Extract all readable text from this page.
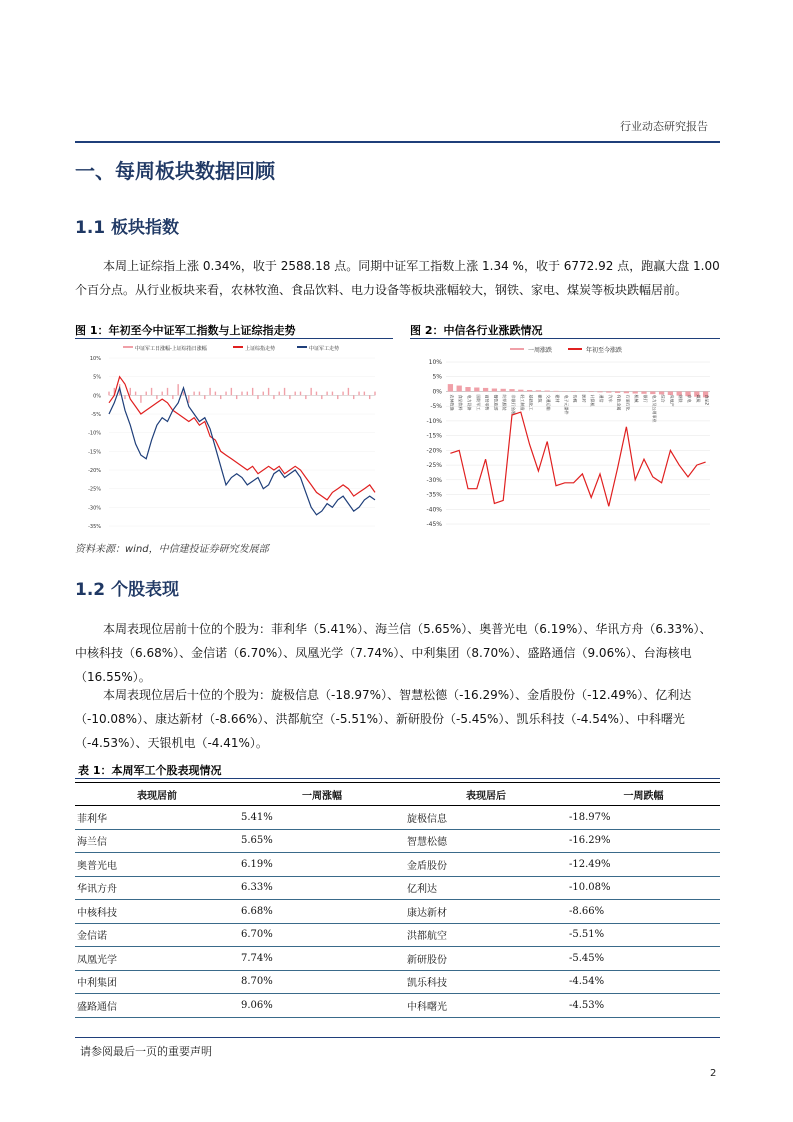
行业动态研究报告
一、每周板块数据回顾
1.1 板块指数

本周上证综指上涨 0.34%，收于 2588.18 点。同期中证军工指数上涨 1.34 %，收于 6772.92 点，跑赢大盘 1.00 个百分点。从行业板块来看，农林牧渔、食品饮料、电力设备等板块涨幅较大，钢铁、家电、煤炭等板块跌幅居前。

图 1：年初至今中证军工指数与上证综指走势	图 2：中信各行业涨跌情况
中证军工日涨幅-上证综指日涨幅	上证综指走势	中证军工走势
10%
5%
0%
-5%
-10%
-15%
-20%
-25%
-30%
-35%
一周涨跌	年初至今涨跌
10%
5%
0%
-5%
-10%
-15%
-20%
-25%
-30%
-35%
-40%
-45%
农林牧渔 食品饮料 电力设备 国防军工 商贸零售 餐饮旅游 纺织服装 非银行金融 轻工制造 基础化工 建筑 交通运输 建材 电子元器件 传媒 医药 计算机 通信 汽车 有色金属 石油石化 机械 银行 电力及公用事业 综合 房地产 钢铁 家电 煤炭 食品2
资料来源：wind，中信建投证券研究发展部
1.2 个股表现

本周表现位居前十位的个股为：菲利华（5.41%）、海兰信（5.65%）、奥普光电（6.19%）、华讯方舟（6.33%）、中核科技（6.68%）、金信诺（6.70%）、凤凰光学（7.74%）、中利集团（8.70%）、盛路通信（9.06%）、台海核电（16.55%）。

本周表现位居后十位的个股为：旋极信息（-18.97%）、智慧松德（-16.29%）、金盾股份（-12.49%）、亿利达（-10.08%）、康达新材（-8.66%）、洪都航空（-5.51%）、新研股份（-5.45%）、凯乐科技（-4.54%）、中科曙光（-4.53%）、天银机电（-4.41%）。

表 1：本周军工个股表现情况
表现居前	一周涨幅	表现居后	一周跌幅
菲利华	5.41%	旋极信息	-18.97%
海兰信	5.65%	智慧松德	-16.29%
奥普光电	6.19%	金盾股份	-12.49%
华讯方舟	6.33%	亿利达	-10.08%
中核科技	6.68%	康达新材	-8.66%
金信诺	6.70%	洪都航空	-5.51%
凤凰光学	7.74%	新研股份	-5.45%
中利集团	8.70%	凯乐科技	-4.54%
盛路通信	9.06%	中科曙光	-4.53%
请参阅最后一页的重要声明
2
